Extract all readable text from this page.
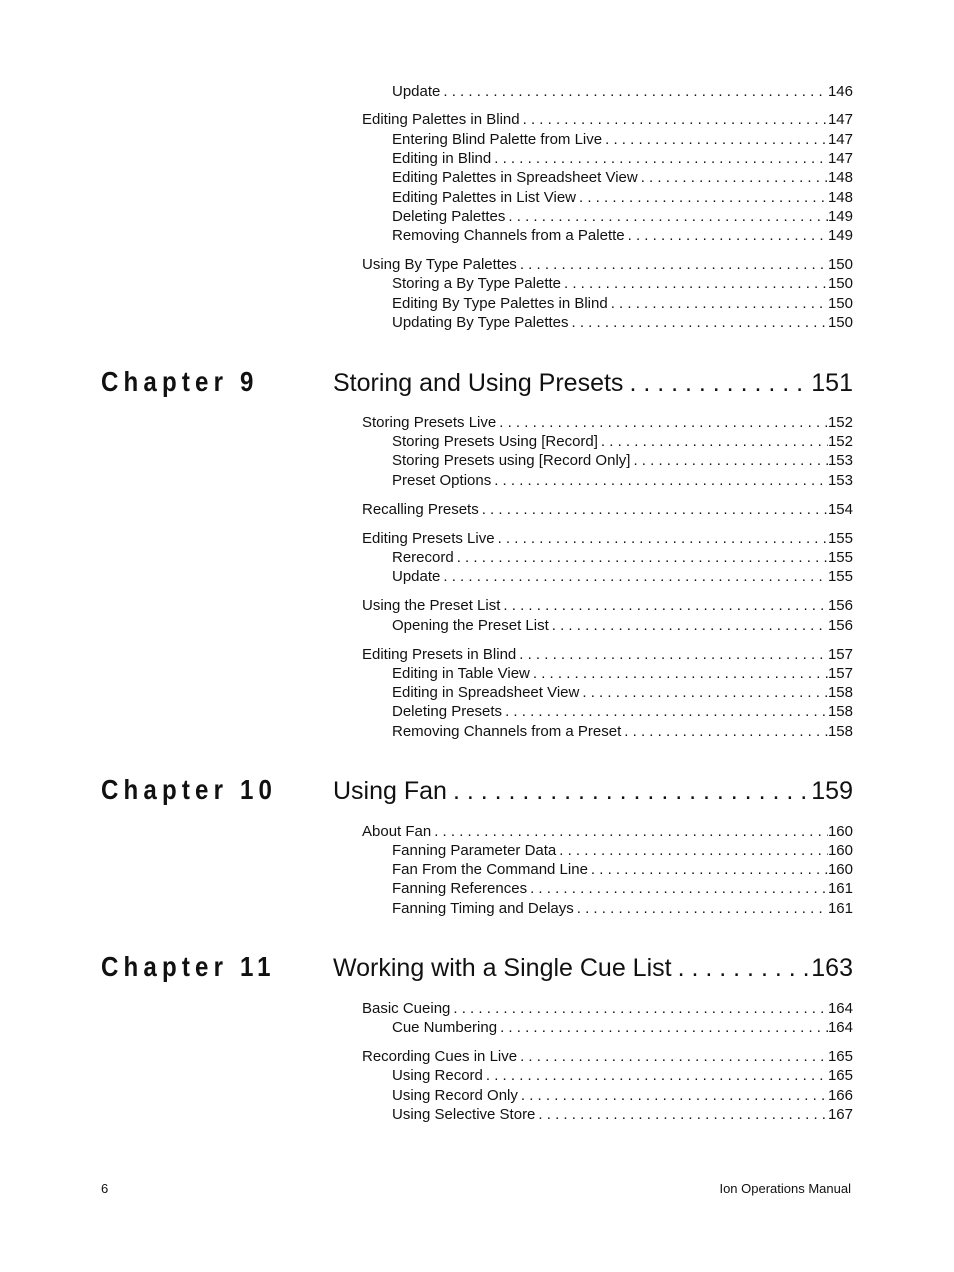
Update . . .	146
Editing Palettes in Blind . . .	147
Entering Blind Palette from Live . . .	147
Editing in Blind . . .	147
Editing Palettes in Spreadsheet View . . .	148
Editing Palettes in List View . . .	148
Deleting Palettes . . .	149
Removing Channels from a Palette . . .	149
Using By Type Palettes . . .	150
Storing a By Type Palette . . .	150
Editing By Type Palettes in Blind . . .	150
Updating By Type Palettes . . .	150
Chapter 9	Storing and Using Presets . . .	151
Storing Presets Live . . .	152
Storing Presets Using [Record] . . .	152
Storing Presets using [Record Only] . . .	153
Preset Options . . .	153
Recalling Presets . . .	154
Editing Presets Live . . .	155
Rerecord . . .	155
Update . . .	155
Using the Preset List . . .	156
Opening the Preset List . . .	156
Editing Presets in Blind . . .	157
Editing in Table View . . .	157
Editing in Spreadsheet View . . .	158
Deleting Presets . . .	158
Removing Channels from a Preset . . .	158
Chapter 10 Using Fan . . .	159
About Fan . . .	160
Fanning Parameter Data . . .	160
Fan From the Command Line . . .	160
Fanning References . . .	161
Fanning Timing and Delays . . .	161
Chapter 11 Working with a Single Cue List . . .	163
Basic Cueing . . .	164
Cue Numbering . . .	164
Recording Cues in Live . . .	165
Using Record . . .	165
Using Record Only . . .	166
Using Selective Store . . .	167
6	Ion Operations Manual
